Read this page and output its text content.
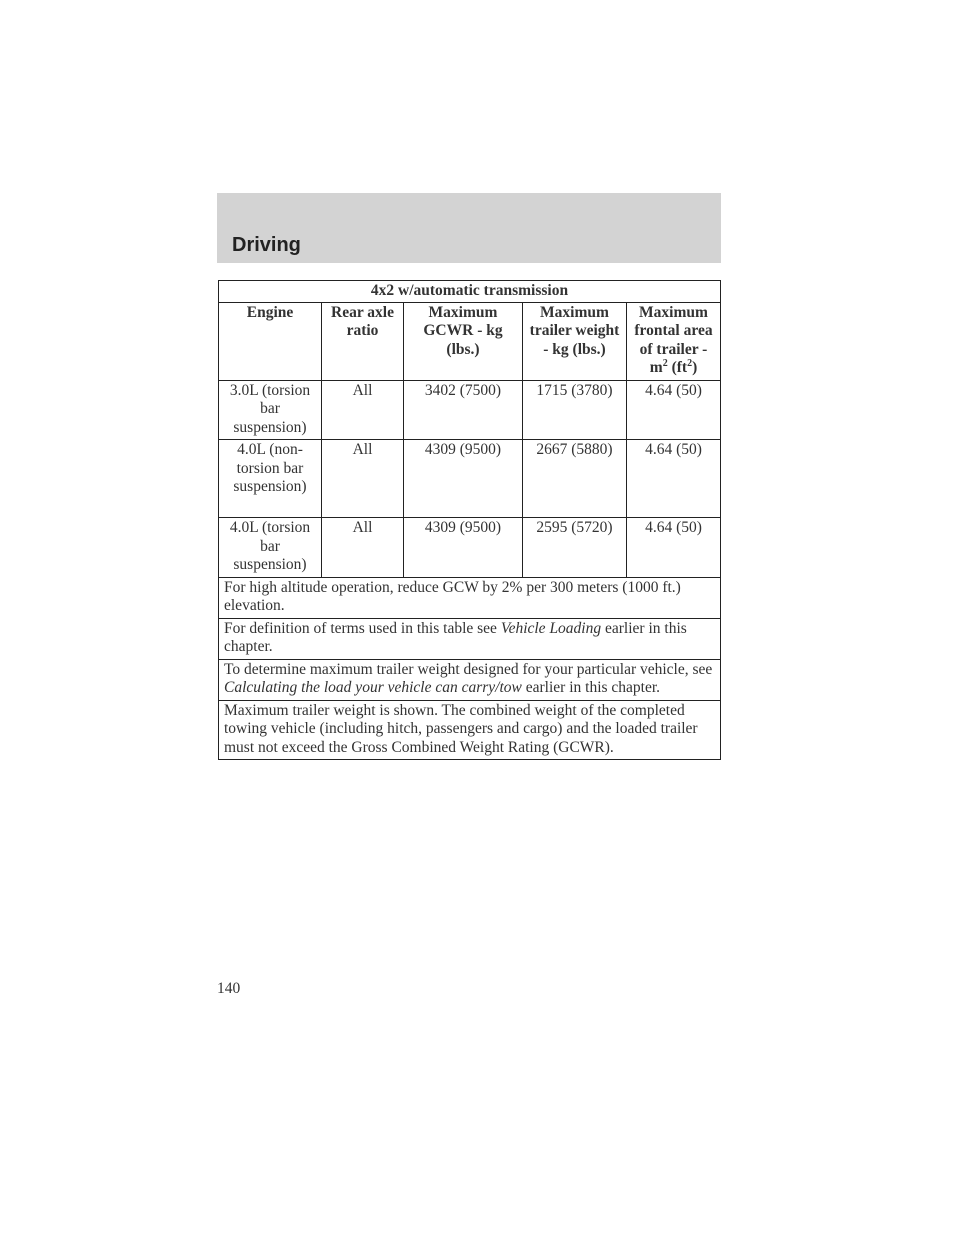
Driving
4x2 w/automatic transmission				
Engine	Rear axle ratio	Maximum GCWR - kg (lbs.)	Maximum trailer weight - kg (lbs.)	Maximum frontal area of trailer - $m^2$ $(ft^2)$
3.0L (torsion bar suspension)	All	3402 (7500)	1715 (3780)	4.64 (50)
4.0L (non-torsion bar suspension)	All	4309 (9500)	2667 (5880)	4.64 (50)
4.0L (torsion bar suspension)	All	4309 (9500)	2595 (5720)	4.64 (50)
For high altitude operation, reduce GCW by 2% per 300 meters (1000 ft.) elevation.				
For definition of terms used in this table see Vehicle Loading earlier in this chapter.				
To determine maximum trailer weight designed for your particular vehicle, see Calculating the load your vehicle can carry/tow earlier in this chapter.				
Maximum trailer weight is shown. The combined weight of the completed towing vehicle (including hitch, passengers and cargo) and the loaded trailer must not exceed the Gross Combined Weight Rating (GCWR).				
140
